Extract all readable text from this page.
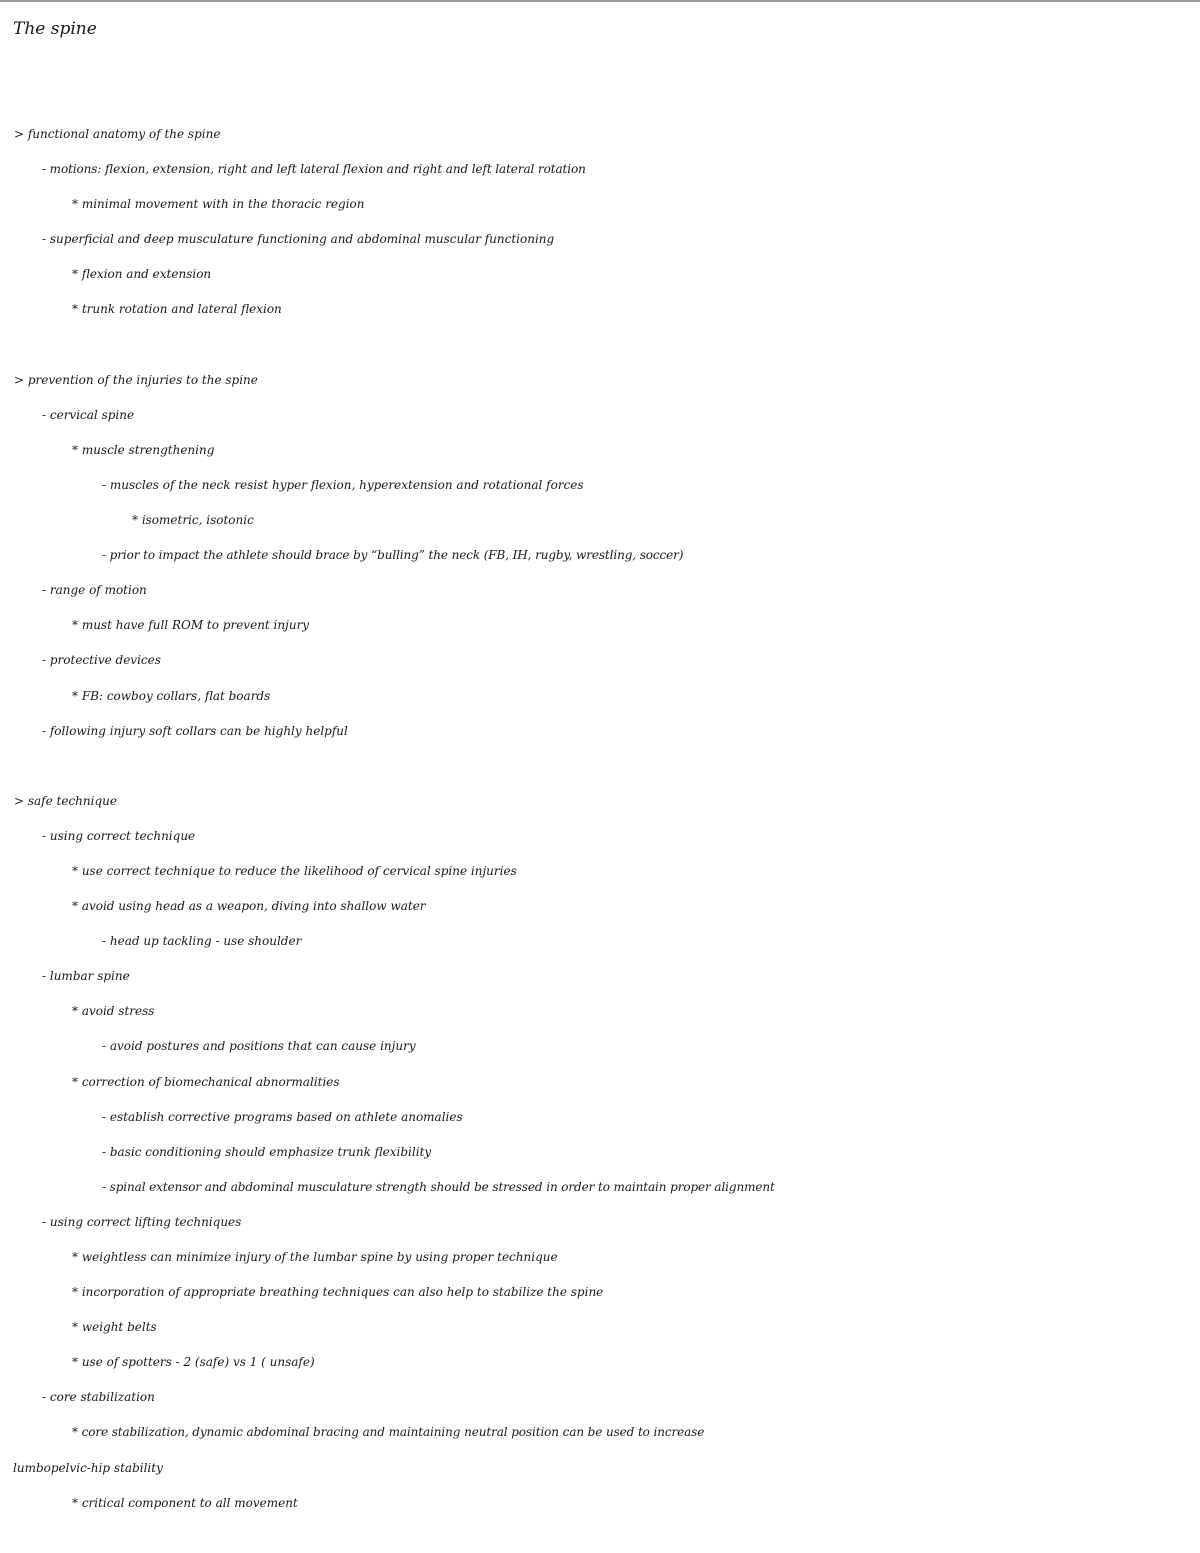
The spine
> functional anatomy of the spine
- motions: flexion, extension, right and left lateral flexion and right and left lateral rotation
* minimal movement with in the thoracic region
- superficial and deep musculature functioning and abdominal muscular functioning
* flexion and extension
* trunk rotation and lateral flexion
> prevention of the injuries to the spine
- cervical spine
* muscle strengthening
- muscles of the neck resist hyper flexion, hyperextension and rotational forces
* isometric, isotonic
- prior to impact the athlete should brace by “bulling” the neck (FB, IH, rugby, wrestling, soccer)
- range of motion
* must have full ROM to prevent injury
- protective devices
* FB: cowboy collars, flat boards
- following injury soft collars can be highly helpful
> safe technique
- using correct technique
* use correct technique to reduce the likelihood of cervical spine injuries
* avoid using head as a weapon, diving into shallow water
- head up tackling - use shoulder
- lumbar spine
* avoid stress
- avoid postures and positions that can cause injury
* correction of biomechanical abnormalities
- establish corrective programs based on athlete anomalies
- basic conditioning should emphasize trunk flexibility
- spinal extensor and abdominal musculature strength should be stressed in order to maintain proper alignment
- using correct lifting techniques
* weightless can minimize injury of the lumbar spine by using proper technique
* incorporation of appropriate breathing techniques can also help to stabilize the spine
* weight belts
* use of spotters - 2 (safe) vs 1 ( unsafe)
- core stabilization
* core stabilization, dynamic abdominal bracing and maintaining neutral position can be used to increase
lumbopelvic-hip stability
* critical component to all movement
